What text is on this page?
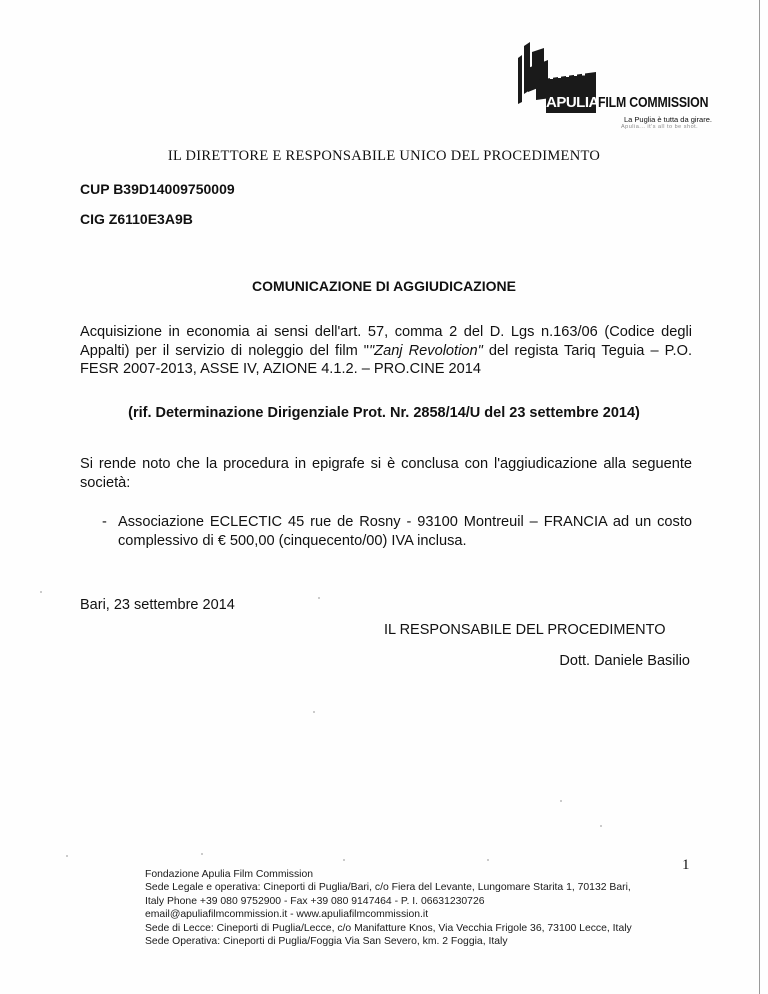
APULIA FILM COMMISSION
La Puglia è tutta da girare.
Apulia... it's all to be shot.
IL DIRETTORE E RESPONSABILE UNICO DEL PROCEDIMENTO
CUP B39D14009750009
CIG Z6110E3A9B
COMUNICAZIONE DI AGGIUDICAZIONE
Acquisizione in economia ai sensi dell'art. 57, comma 2 del D. Lgs n.163/06 (Codice degli Appalti) per il servizio di noleggio del film ""Zanj Revolotion" del regista Tariq Teguia – P.O. FESR 2007-2013, ASSE IV, AZIONE 4.1.2. – PRO.CINE 2014
(rif. Determinazione Dirigenziale Prot. Nr. 2858/14/U del 23 settembre 2014)
Si rende noto che la procedura in epigrafe si è conclusa con l'aggiudicazione alla seguente società:
- Associazione ECLECTIC 45 rue de Rosny - 93100 Montreuil – FRANCIA ad un costo complessivo di € 500,00 (cinquecento/00) IVA inclusa.
Bari, 23 settembre 2014
IL RESPONSABILE DEL PROCEDIMENTO
Dott. Daniele Basilio
1
Fondazione Apulia Film Commission
Sede Legale e operativa: Cineporti di Puglia/Bari, c/o Fiera del Levante, Lungomare Starita 1, 70132 Bari,
Italy Phone +39 080 9752900 - Fax +39 080 9147464 - P. I. 06631230726
email@apuliafilmcommission.it - www.apuliafilmcommission.it
Sede di Lecce: Cineporti di Puglia/Lecce, c/o Manifatture Knos, Via Vecchia Frigole 36, 73100 Lecce, Italy
Sede Operativa: Cineporti di Puglia/Foggia Via San Severo, km. 2 Foggia, Italy
